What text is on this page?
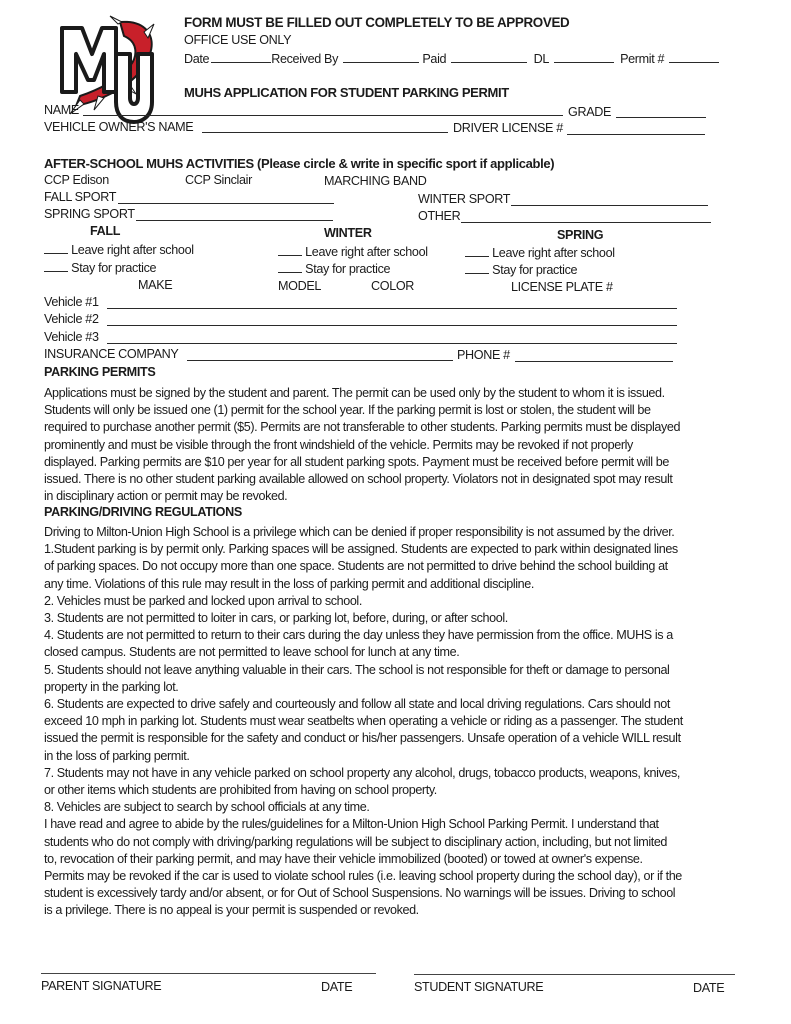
FORM MUST BE FILLED OUT COMPLETELY TO BE APPROVED
OFFICE USE ONLY
Date	Received By	Paid	DL	Permit #
MUHS APPLICATION FOR STUDENT PARKING PERMIT
NAME	GRADE
VEHICLE OWNER'S NAME	DRIVER LICENSE #
AFTER-SCHOOL MUHS ACTIVITIES (Please circle & write in specific sport if applicable)
CCP Edison	CCP Sinclair	MARCHING BAND
FALL SPORT	WINTER SPORT
SPRING SPORT	OTHER
FALL	WINTER	SPRING
Leave right after school	Leave right after school	Leave right after school
Stay for practice	Stay for practice	Stay for practice
MAKE	MODEL	COLOR	LICENSE PLATE #
Vehicle #1
Vehicle #2
Vehicle #3
INSURANCE COMPANY	PHONE #
PARKING PERMITS
Applications must be signed by the student and parent. The permit can be used only by the student to whom it is issued.
Students will only be issued one (1) permit for the school year. If the parking permit is lost or stolen, the student will be
required to purchase another permit ($5). Permits are not transferable to other students. Parking permits must be displayed
prominently and must be visible through the front windshield of the vehicle. Permits may be revoked if not properly
displayed. Parking permits are $10 per year for all student parking spots. Payment must be received before permit will be
issued. There is no other student parking available allowed on school property. Violators not in designated spot may result
in disciplinary action or permit may be revoked.
PARKING/DRIVING REGULATIONS
Driving to Milton-Union High School is a privilege which can be denied if proper responsibility is not assumed by the driver.
1.Student parking is by permit only. Parking spaces will be assigned. Students are expected to park within designated lines
of parking spaces. Do not occupy more than one space. Students are not permitted to drive behind the school building at
any time. Violations of this rule may result in the loss of parking permit and additional discipline.
2. Vehicles must be parked and locked upon arrival to school.
3. Students are not permitted to loiter in cars, or parking lot, before, during, or after school.
4. Students are not permitted to return to their cars during the day unless they have permission from the office. MUHS is a
closed campus. Students are not permitted to leave school for lunch at any time.
5. Students should not leave anything valuable in their cars. The school is not responsible for theft or damage to personal
property in the parking lot.
6. Students are expected to drive safely and courteously and follow all state and local driving regulations. Cars should not
exceed 10 mph in parking lot. Students must wear seatbelts when operating a vehicle or riding as a passenger. The student
issued the permit is responsible for the safety and conduct or his/her passengers. Unsafe operation of a vehicle WILL result
in the loss of parking permit.
7. Students may not have in any vehicle parked on school property any alcohol, drugs, tobacco products, weapons, knives,
or other items which students are prohibited from having on school property.
8. Vehicles are subject to search by school officials at any time.
I have read and agree to abide by the rules/guidelines for a Milton-Union High School Parking Permit. I understand that
students who do not comply with driving/parking regulations will be subject to disciplinary action, including, but not limited
to, revocation of their parking permit, and may have their vehicle immobilized (booted) or towed at owner's expense.
Permits may be revoked if the car is used to violate school rules (i.e. leaving school property during the school day), or if the
student is excessively tardy and/or absent, or for Out of School Suspensions. No warnings will be issues. Driving to school
is a privilege. There is no appeal is your permit is suspended or revoked.
PARENT SIGNATURE	DATE	STUDENT SIGNATURE	DATE
